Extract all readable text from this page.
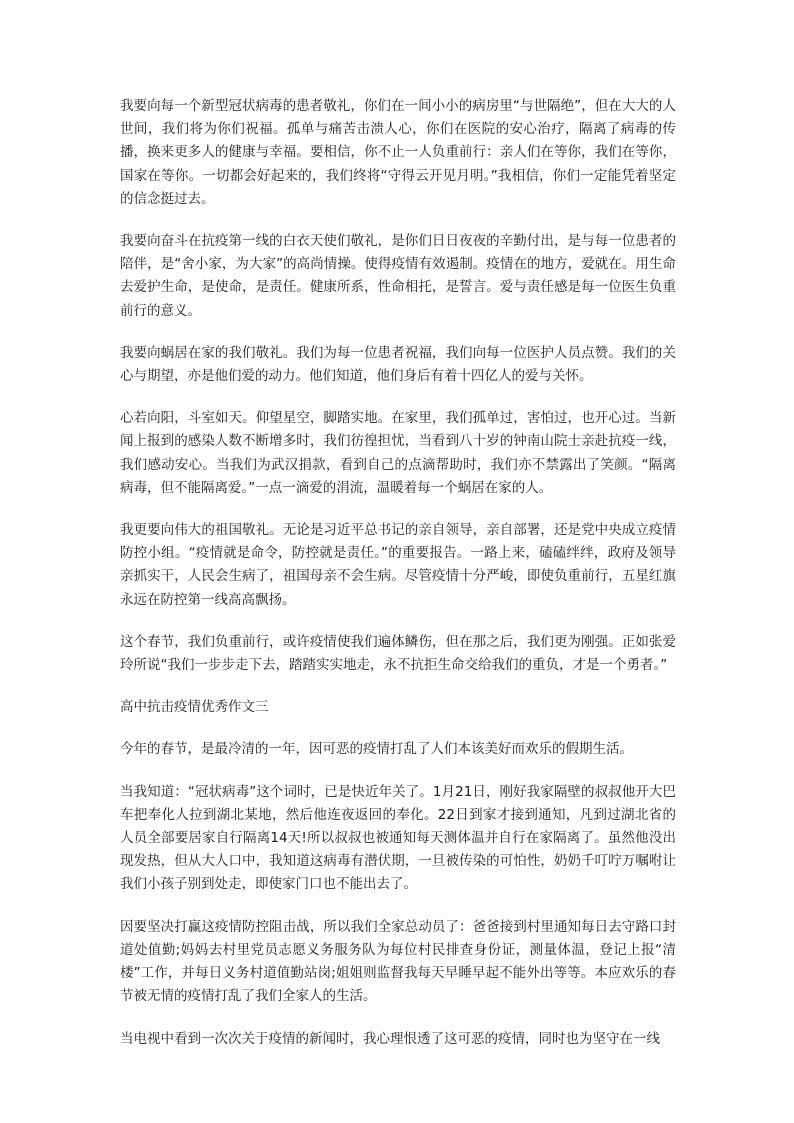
我要向每一个新型冠状病毒的患者敬礼，你们在一间小小的病房里“与世隔绝”，但在大大的人世间，我们将为你们祝福。孤单与痛苦击溃人心，你们在医院的安心治疗，隔离了病毒的传播，换来更多人的健康与幸福。要相信，你不止一人负重前行：亲人们在等你，我们在等你，国家在等你。一切都会好起来的，我们终将“守得云开见月明。”我相信，你们一定能凭着坚定的信念挺过去。

我要向奋斗在抗疫第一线的白衣天使们敬礼，是你们日日夜夜的辛勤付出，是与每一位患者的陪伴，是“舍小家，为大家”的高尚情操。使得疫情有效遏制。疫情在的地方，爱就在。用生命去爱护生命，是使命，是责任。健康所系，性命相托，是誓言。爱与责任感是每一位医生负重前行的意义。

我要向蜗居在家的我们敬礼。我们为每一位患者祝福，我们向每一位医护人员点赞。我们的关心与期望，亦是他们爱的动力。他们知道，他们身后有着十四亿人的爱与关怀。

心若向阳，斗室如天。仰望星空，脚踏实地。在家里，我们孤单过，害怕过，也开心过。当新闻上报到的感染人数不断增多时，我们彷徨担忧，当看到八十岁的钟南山院士亲赴抗疫一线，我们感动安心。当我们为武汉捐款，看到自己的点滴帮助时，我们亦不禁露出了笑颜。“隔离病毒，但不能隔离爱。”一点一滴爱的涓流，温暖着每一个蜗居在家的人。

我更要向伟大的祖国敬礼。无论是习近平总书记的亲自领导，亲自部署，还是党中央成立疫情防控小组。“疫情就是命令，防控就是责任。”的重要报告。一路上来，磕磕绊绊，政府及领导亲抓实干，人民会生病了，祖国母亲不会生病。尽管疫情十分严峻，即使负重前行，五星红旗永远在防控第一线高高飘扬。

这个春节，我们负重前行，或许疫情使我们遍体鳞伤，但在那之后，我们更为刚强。正如张爱玲所说“我们一步步走下去，踏踏实实地走，永不抗拒生命交给我们的重负，才是一个勇者。”

高中抗击疫情优秀作文三

今年的春节，是最冷清的一年，因可恶的疫情打乱了人们本该美好而欢乐的假期生活。

当我知道：“冠状病毒”这个词时，已是快近年关了。1月21日，刚好我家隔壁的叔叔他开大巴车把奉化人拉到湖北某地，然后他连夜返回的奉化。22日到家才接到通知，凡到过湖北省的人员全部要居家自行隔离14天!所以叔叔也被通知每天测体温并自行在家隔离了。虽然他没出现发热，但从大人口中，我知道这病毒有潜伏期，一旦被传染的可怕性，奶奶千叮咛万嘱咐让我们小孩子别到处走，即使家门口也不能出去了。

因要坚决打赢这疫情防控阻击战，所以我们全家总动员了：爸爸接到村里通知每日去守路口封道处值勤;妈妈去村里党员志愿义务服务队为每位村民排查身份证，测量体温，登记上报“清楼”工作，并每日义务村道值勤站岗;姐姐则监督我每天早睡早起不能外出等等。本应欢乐的春节被无情的疫情打乱了我们全家人的生活。

当电视中看到一次次关于疫情的新闻时，我心理恨透了这可恶的疫情，同时也为坚守在一线
